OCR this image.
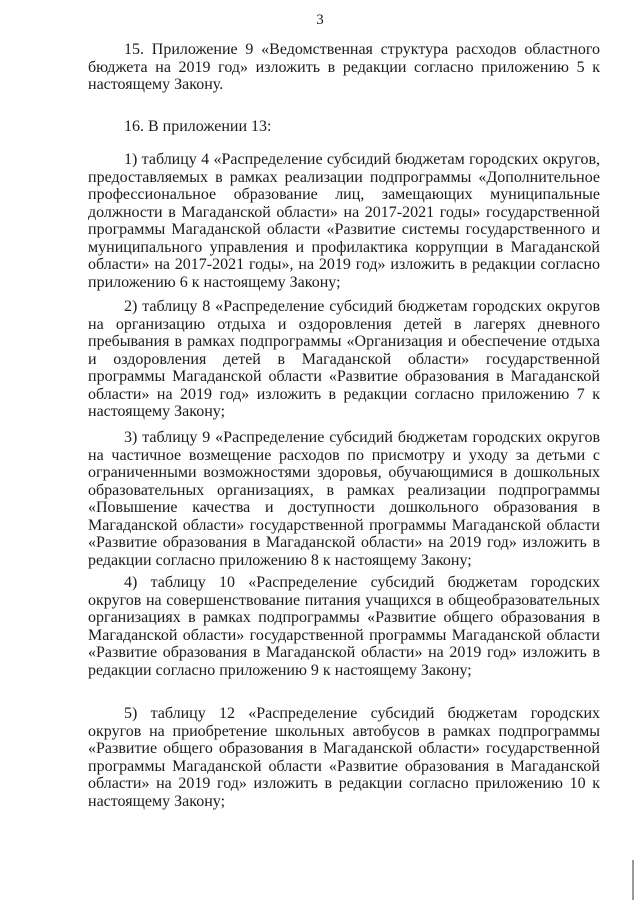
3

15. Приложение 9 «Ведомственная структура расходов областного бюджета на 2019 год» изложить в редакции согласно приложению 5 к настоящему Закону.

16. В приложении 13:

1) таблицу 4 «Распределение субсидий бюджетам городских округов, предоставляемых в рамках реализации подпрограммы «Дополнительное профессиональное образование лиц, замещающих муниципальные должности в Магаданской области» на 2017-2021 годы» государственной программы Магаданской области «Развитие системы государственного и муниципального управления и профилактика коррупции в Магаданской области» на 2017-2021 годы», на 2019 год» изложить в редакции согласно приложению 6 к настоящему Закону;

2) таблицу 8 «Распределение субсидий бюджетам городских округов на организацию отдыха и оздоровления детей в лагерях дневного пребывания в рамках подпрограммы «Организация и обеспечение отдыха и оздоровления детей в Магаданской области» государственной программы Магаданской области «Развитие образования в Магаданской области» на 2019 год» изложить в редакции согласно приложению 7 к настоящему Закону;

3) таблицу 9 «Распределение субсидий бюджетам городских округов на частичное возмещение расходов по присмотру и уходу за детьми с ограниченными возможностями здоровья, обучающимися в дошкольных образовательных организациях, в рамках реализации подпрограммы «Повышение качества и доступности дошкольного образования в Магаданской области» государственной программы Магаданской области «Развитие образования в Магаданской области» на 2019 год» изложить в редакции согласно приложению 8 к настоящему Закону;

4) таблицу 10 «Распределение субсидий бюджетам городских округов на совершенствование питания учащихся в общеобразовательных организациях в рамках подпрограммы «Развитие общего образования в Магаданской области» государственной программы Магаданской области «Развитие образования в Магаданской области» на 2019 год» изложить в редакции согласно приложению 9 к настоящему Закону;

5) таблицу 12 «Распределение субсидий бюджетам городских округов на приобретение школьных автобусов в рамках подпрограммы «Развитие общего образования в Магаданской области» государственной программы Магаданской области «Развитие образования в Магаданской области» на 2019 год» изложить в редакции согласно приложению 10 к настоящему Закону;
